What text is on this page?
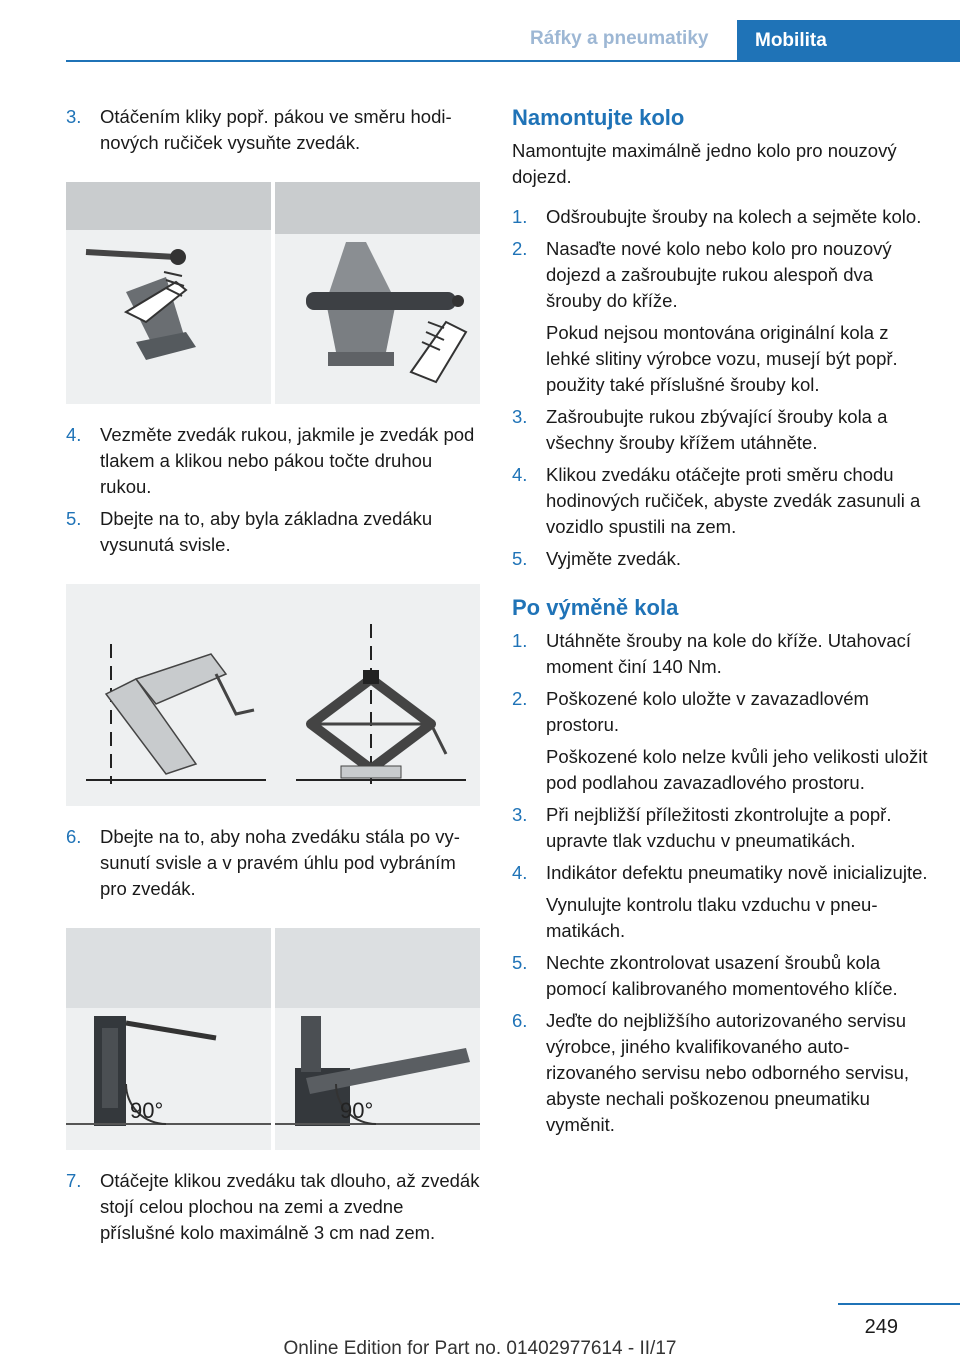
Ráfky a pneumatiky	Mobilita
3.	Otáčením kliky popř. pákou ve směru hodinových ručiček vysuňte zvedák.
4.	Vezměte zvedák rukou, jakmile je zvedák pod tlakem a klikou nebo pákou točte druhou rukou.
5.	Dbejte na to, aby byla základna zvedáku vysunutá svisle.
6.	Dbejte na to, aby noha zvedáku stála po vysunutí svisle a v pravém úhlu pod vybráním pro zvedák.
90°	90°
7.	Otáčejte klikou zvedáku tak dlouho, až zvedák stojí celou plochou na zemi a zvedne příslušné kolo maximálně 3 cm nad zem.
Namontujte kolo
Namontujte maximálně jedno kolo pro nouzový dojezd.
1.	Odšroubujte šrouby na kolech a sejměte kolo.
2.	Nasaďte nové kolo nebo kolo pro nouzový dojezd a zašroubujte rukou alespoň dva šrouby do kříže.
Pokud nejsou montována originální kola z lehké slitiny výrobce vozu, musejí být popř. použity také příslušné šrouby kol.
3.	Zašroubujte rukou zbývající šrouby kola a všechny šrouby křížem utáhněte.
4.	Klikou zvedáku otáčejte proti směru chodu hodinových ručiček, abyste zvedák zasunuli a vozidlo spustili na zem.
5.	Vyjměte zvedák.
Po výměně kola
1.	Utáhněte šrouby na kole do kříže. Utahovací moment činí 140 Nm.
2.	Poškozené kolo uložte v zavazadlovém prostoru.
Poškozené kolo nelze kvůli jeho velikosti uložit pod podlahou zavazadlového prostoru.
3.	Při nejbližší příležitosti zkontrolujte a popř. upravte tlak vzduchu v pneumatikách.
4.	Indikátor defektu pneumatiky nově inicializujte.
Vynulujte kontrolu tlaku vzduchu v pneumatikách.
5.	Nechte zkontrolovat usazení šroubů kola pomocí kalibrovaného momentového klíče.
6.	Jeďte do nejbližšího autorizovaného servisu výrobce, jiného kvalifikovaného autorizovaného servisu nebo odborného servisu, abyste nechali poškozenou pneumatiku vyměnit.
249
Online Edition for Part no. 01402977614 - II/17
